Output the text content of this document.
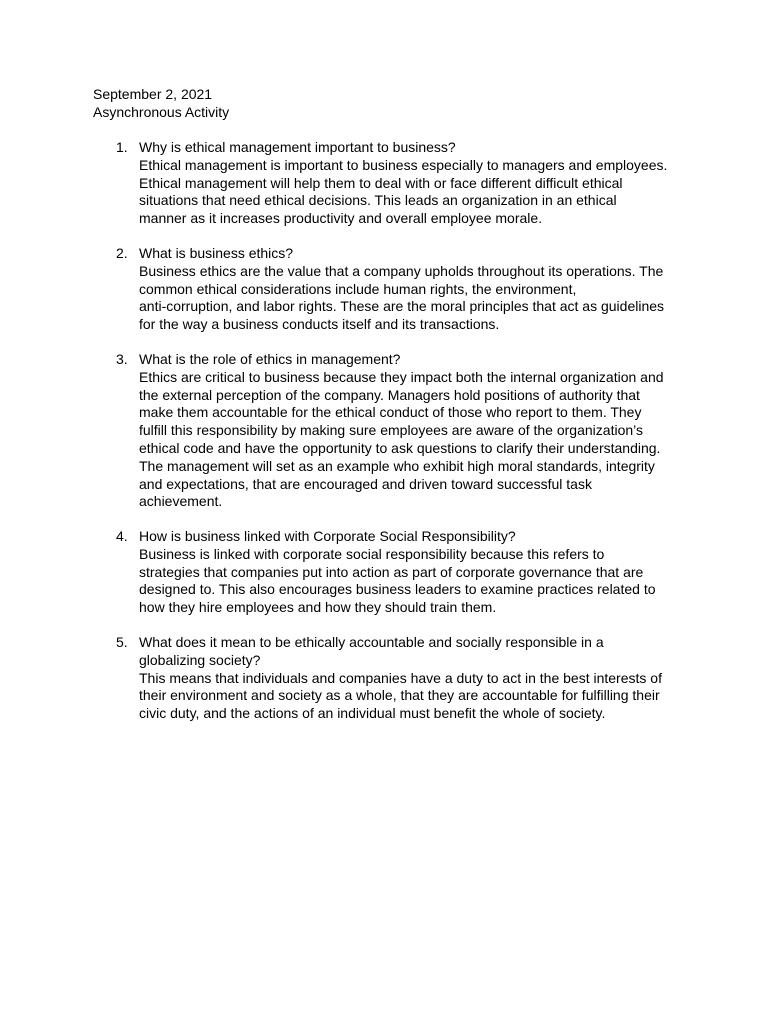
September 2, 2021
Asynchronous Activity
1. Why is ethical management important to business?
Ethical management is important to business especially to managers and employees.
Ethical management will help them to deal with or face different difficult ethical
situations that need ethical decisions. This leads an organization in an ethical
manner as it increases productivity and overall employee morale.
2. What is business ethics?
Business ethics are the value that a company upholds throughout its operations. The
common ethical considerations include human rights, the environment,
anti-corruption, and labor rights. These are the moral principles that act as guidelines
for the way a business conducts itself and its transactions.
3. What is the role of ethics in management?
Ethics are critical to business because they impact both the internal organization and
the external perception of the company. Managers hold positions of authority that
make them accountable for the ethical conduct of those who report to them. They
fulfill this responsibility by making sure employees are aware of the organization’s
ethical code and have the opportunity to ask questions to clarify their understanding.
The management will set as an example who exhibit high moral standards, integrity
and expectations, that are encouraged and driven toward successful task
achievement.
4. How is business linked with Corporate Social Responsibility?
Business is linked with corporate social responsibility because this refers to
strategies that companies put into action as part of corporate governance that are
designed to. This also encourages business leaders to examine practices related to
how they hire employees and how they should train them.
5. What does it mean to be ethically accountable and socially responsible in a
globalizing society?
This means that individuals and companies have a duty to act in the best interests of
their environment and society as a whole, that they are accountable for fulfilling their
civic duty, and the actions of an individual must benefit the whole of society.
